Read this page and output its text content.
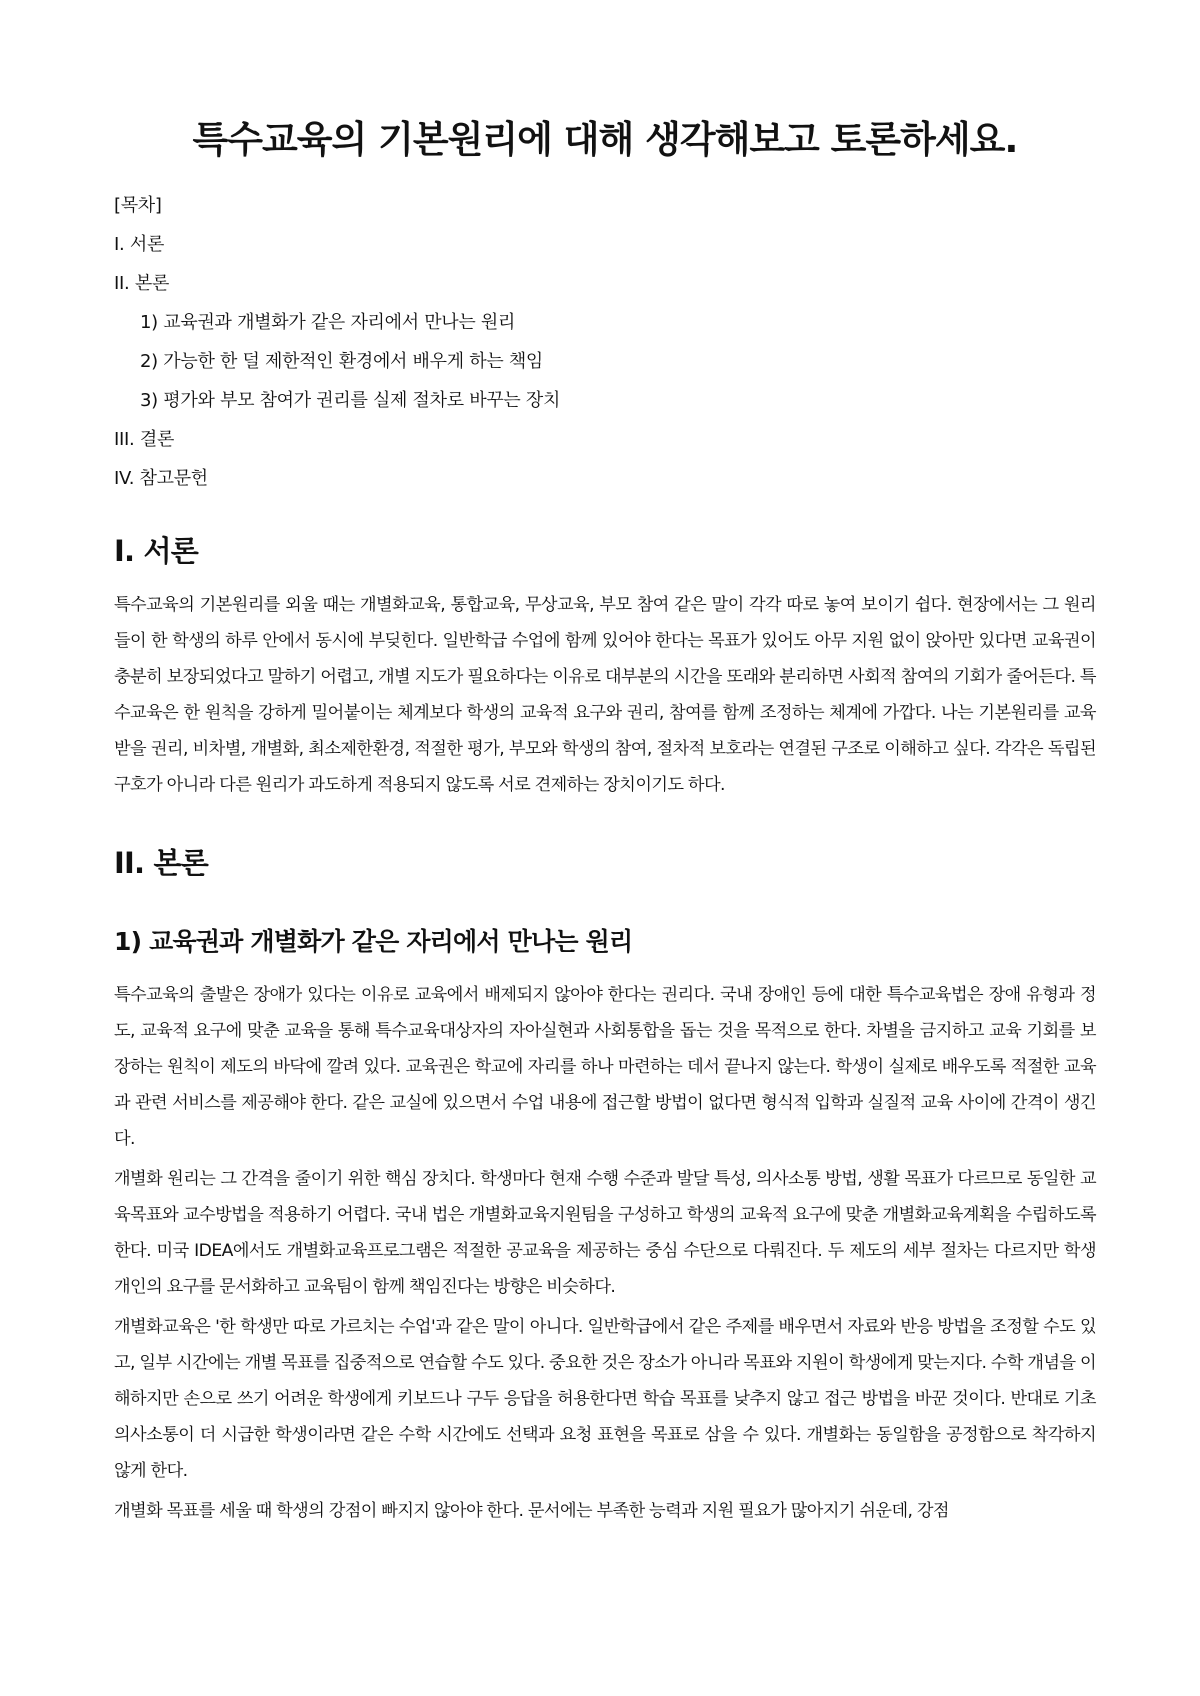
특수교육의 기본원리에 대해 생각해보고 토론하세요.

[목차]

I. 서론

II. 본론

1) 교육권과 개별화가 같은 자리에서 만나는 원리

2) 가능한 한 덜 제한적인 환경에서 배우게 하는 책임

3) 평가와 부모 참여가 권리를 실제 절차로 바꾸는 장치

III. 결론

IV. 참고문헌

I. 서론

특수교육의 기본원리를 외울 때는 개별화교육, 통합교육, 무상교육, 부모 참여 같은 말이 각각 따로 놓여 보이기 쉽다. 현장에서는 그 원리들이 한 학생의 하루 안에서 동시에 부딪힌다. 일반학급 수업에 함께 있어야 한다는 목표가 있어도 아무 지원 없이 앉아만 있다면 교육권이 충분히 보장되었다고 말하기 어렵고, 개별 지도가 필요하다는 이유로 대부분의 시간을 또래와 분리하면 사회적 참여의 기회가 줄어든다. 특수교육은 한 원칙을 강하게 밀어붙이는 체계보다 학생의 교육적 요구와 권리, 참여를 함께 조정하는 체계에 가깝다. 나는 기본원리를 교육받을 권리, 비차별, 개별화, 최소제한환경, 적절한 평가, 부모와 학생의 참여, 절차적 보호라는 연결된 구조로 이해하고 싶다. 각각은 독립된 구호가 아니라 다른 원리가 과도하게 적용되지 않도록 서로 견제하는 장치이기도 하다.

II. 본론
1) 교육권과 개별화가 같은 자리에서 만나는 원리

특수교육의 출발은 장애가 있다는 이유로 교육에서 배제되지 않아야 한다는 권리다. 국내 장애인 등에 대한 특수교육법은 장애 유형과 정도, 교육적 요구에 맞춘 교육을 통해 특수교육대상자의 자아실현과 사회통합을 돕는 것을 목적으로 한다. 차별을 금지하고 교육 기회를 보장하는 원칙이 제도의 바닥에 깔려 있다. 교육권은 학교에 자리를 하나 마련하는 데서 끝나지 않는다. 학생이 실제로 배우도록 적절한 교육과 관련 서비스를 제공해야 한다. 같은 교실에 있으면서 수업 내용에 접근할 방법이 없다면 형식적 입학과 실질적 교육 사이에 간격이 생긴다.

개별화 원리는 그 간격을 줄이기 위한 핵심 장치다. 학생마다 현재 수행 수준과 발달 특성, 의사소통 방법, 생활 목표가 다르므로 동일한 교육목표와 교수방법을 적용하기 어렵다. 국내 법은 개별화교육지원팀을 구성하고 학생의 교육적 요구에 맞춘 개별화교육계획을 수립하도록 한다. 미국 IDEA에서도 개별화교육프로그램은 적절한 공교육을 제공하는 중심 수단으로 다뤄진다. 두 제도의 세부 절차는 다르지만 학생 개인의 요구를 문서화하고 교육팀이 함께 책임진다는 방향은 비슷하다.

개별화교육은 '한 학생만 따로 가르치는 수업'과 같은 말이 아니다. 일반학급에서 같은 주제를 배우면서 자료와 반응 방법을 조정할 수도 있고, 일부 시간에는 개별 목표를 집중적으로 연습할 수도 있다. 중요한 것은 장소가 아니라 목표와 지원이 학생에게 맞는지다. 수학 개념을 이해하지만 손으로 쓰기 어려운 학생에게 키보드나 구두 응답을 허용한다면 학습 목표를 낮추지 않고 접근 방법을 바꾼 것이다. 반대로 기초 의사소통이 더 시급한 학생이라면 같은 수학 시간에도 선택과 요청 표현을 목표로 삼을 수 있다. 개별화는 동일함을 공정함으로 착각하지 않게 한다.

개별화 목표를 세울 때 학생의 강점이 빠지지 않아야 한다. 문서에는 부족한 능력과 지원 필요가 많아지기 쉬운데, 강점
